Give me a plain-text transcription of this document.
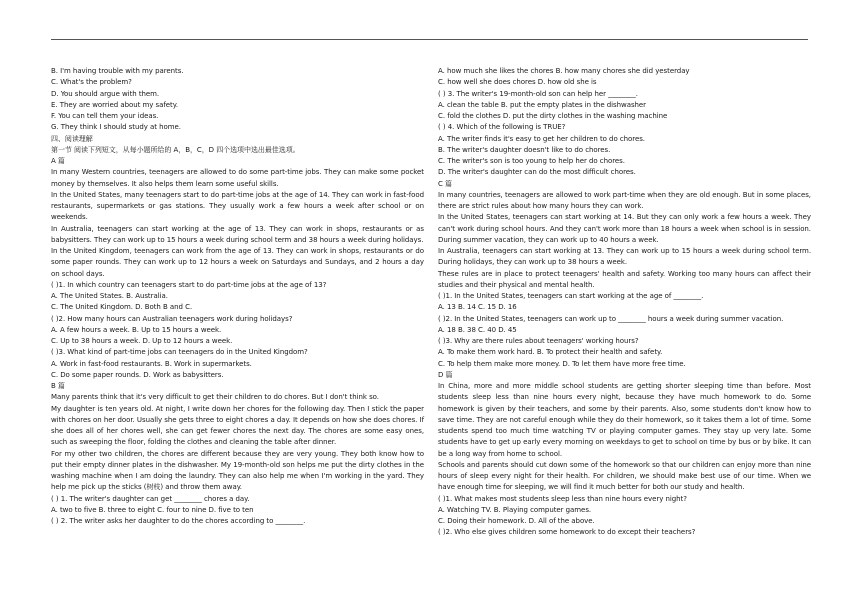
B. I'm having trouble with my parents.

C. What's the problem?

D. You should argue with them.

E. They are worried about my safety.

F. You can tell them your ideas.

G. They think I should study at home.

四、阅读理解

第一节 阅读下列短文，从每小题所给的 A，B，C，D 四个选项中选出最佳选项。

A 篇

In many Western countries, teenagers are allowed to do some part-time jobs. They can make some pocket money by themselves. It also helps them learn some useful skills.

In the United States, many teenagers start to do part-time jobs at the age of 14. They can work in fast-food restaurants, supermarkets or gas stations. They usually work a few hours a week after school or on weekends.

In Australia, teenagers can start working at the age of 13. They can work in shops, restaurants or as babysitters. They can work up to 15 hours a week during school term and 38 hours a week during holidays.

In the United Kingdom, teenagers can work from the age of 13. They can work in shops, restaurants or do some paper rounds. They can work up to 12 hours a week on Saturdays and Sundays, and 2 hours a day on school days.

( )1. In which country can teenagers start to do part-time jobs at the age of 13?

A. The United States. B. Australia.

C. The United Kingdom. D. Both B and C.

( )2. How many hours can Australian teenagers work during holidays?

A. A few hours a week. B. Up to 15 hours a week.

C. Up to 38 hours a week. D. Up to 12 hours a week.

( )3. What kind of part-time jobs can teenagers do in the United Kingdom?

A. Work in fast-food restaurants. B. Work in supermarkets.

C. Do some paper rounds. D. Work as babysitters.

B 篇

Many parents think that it's very difficult to get their children to do chores. But I don't think so.

My daughter is ten years old. At night, I write down her chores for the following day. Then I stick the paper with chores on her door. Usually she gets three to eight chores a day. It depends on how she does chores. If she does all of her chores well, she can get fewer chores the next day. The chores are some easy ones, such as sweeping the floor, folding the clothes and cleaning the table after dinner.

For my other two children, the chores are different because they are very young. They both know how to put their empty dinner plates in the dishwasher. My 19-month-old son helps me put the dirty clothes in the washing machine when I am doing the laundry. They can also help me when I'm working in the yard. They help me pick up the sticks (树枝) and throw them away.

( ) 1. The writer's daughter can get ________ chores a day.

A. two to five B. three to eight C. four to nine D. five to ten

( ) 2. The writer asks her daughter to do the chores according to ________.

A. how much she likes the chores B. how many chores she did yesterday

C. how well she does chores D. how old she is

( ) 3. The writer's 19-month-old son can help her ________.

A. clean the table B. put the empty plates in the dishwasher

C. fold the clothes D. put the dirty clothes in the washing machine

( ) 4. Which of the following is TRUE?

A. The writer finds it's easy to get her children to do chores.

B. The writer's daughter doesn't like to do chores.

C. The writer's son is too young to help her do chores.

D. The writer's daughter can do the most difficult chores.

C 篇

In many countries, teenagers are allowed to work part-time when they are old enough. But in some places, there are strict rules about how many hours they can work.

In the United States, teenagers can start working at 14. But they can only work a few hours a week. They can't work during school hours. And they can't work more than 18 hours a week when school is in session. During summer vacation, they can work up to 40 hours a week.

In Australia, teenagers can start working at 13. They can work up to 15 hours a week during school term. During holidays, they can work up to 38 hours a week.

These rules are in place to protect teenagers' health and safety. Working too many hours can affect their studies and their physical and mental health.

( )1. In the United States, teenagers can start working at the age of ________.

A. 13 B. 14 C. 15 D. 16

( )2. In the United States, teenagers can work up to ________ hours a week during summer vacation.

A. 18 B. 38 C. 40 D. 45

( )3. Why are there rules about teenagers' working hours?

A. To make them work hard. B. To protect their health and safety.

C. To help them make more money. D. To let them have more free time.

D 篇

In China, more and more middle school students are getting shorter sleeping time than before. Most students sleep less than nine hours every night, because they have much homework to do. Some homework is given by their teachers, and some by their parents. Also, some students don't know how to save time. They are not careful enough while they do their homework, so it takes them a lot of time. Some students spend too much time watching TV or playing computer games. They stay up very late. Some students have to get up early every morning on weekdays to get to school on time by bus or by bike. It can be a long way from home to school.

Schools and parents should cut down some of the homework so that our children can enjoy more than nine hours of sleep every night for their health. For children, we should make best use of our time. When we have enough time for sleeping, we will find it much better for both our study and health.

( )1. What makes most students sleep less than nine hours every night?

A. Watching TV. B. Playing computer games.

C. Doing their homework. D. All of the above.

( )2. Who else gives children some homework to do except their teachers?
